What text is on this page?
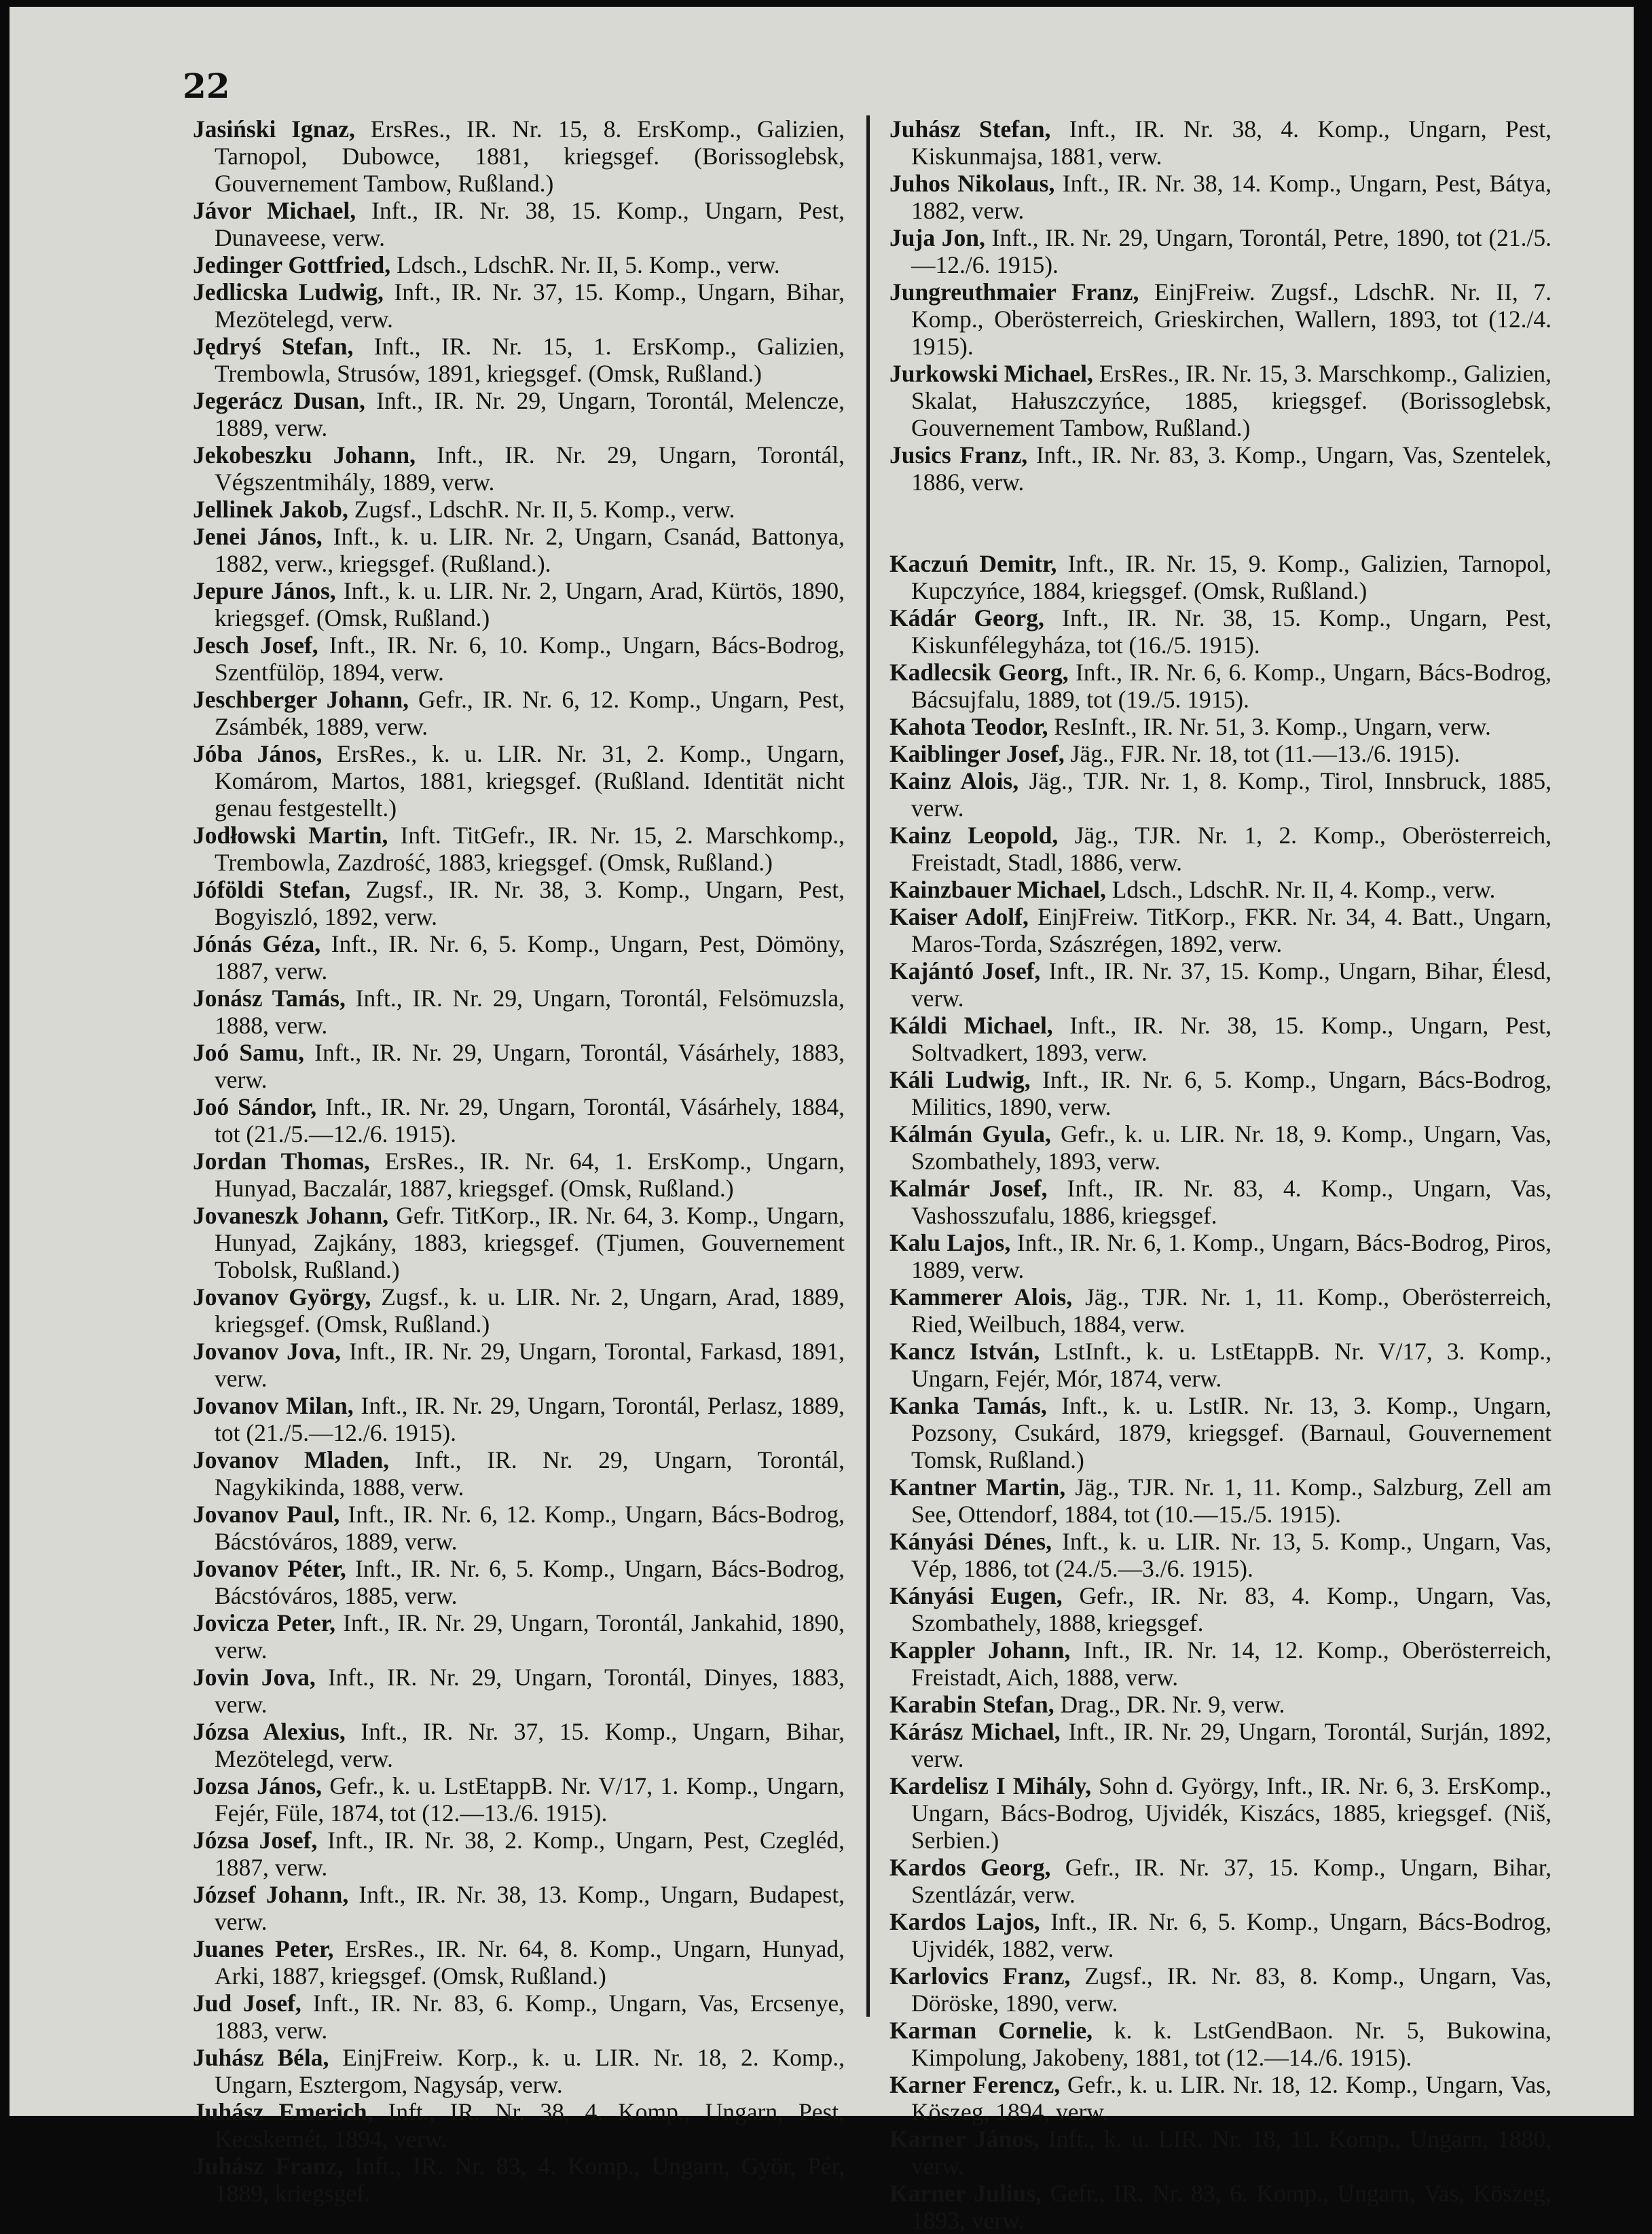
22

Jasiński Ignaz, ErsRes., IR. Nr. 15, 8. ErsKomp., Galizien, Tarnopol, Dubowce, 1881, kriegsgef. (Borissoglebsk, Gouvernement Tambow, Rußland.)

Jávor Michael, Inft., IR. Nr. 38, 15. Komp., Ungarn, Pest, Dunaveese, verw.

Jedinger Gottfried, Ldsch., LdschR. Nr. II, 5. Komp., verw.

Jedlicska Ludwig, Inft., IR. Nr. 37, 15. Komp., Ungarn, Bihar, Mezötelegd, verw.

Jędryś Stefan, Inft., IR. Nr. 15, 1. ErsKomp., Galizien, Trembowla, Strusów, 1891, kriegsgef. (Omsk, Rußland.)

Jegerácz Dusan, Inft., IR. Nr. 29, Ungarn, Torontál, Melencze, 1889, verw.

Jekobeszku Johann, Inft., IR. Nr. 29, Ungarn, Torontál, Végszentmihály, 1889, verw.

Jellinek Jakob, Zugsf., LdschR. Nr. II, 5. Komp., verw.

Jenei János, Inft., k. u. LIR. Nr. 2, Ungarn, Csanád, Battonya, 1882, verw., kriegsgef. (Rußland.).

Jepure János, Inft., k. u. LIR. Nr. 2, Ungarn, Arad, Kürtös, 1890, kriegsgef. (Omsk, Rußland.)

Jesch Josef, Inft., IR. Nr. 6, 10. Komp., Ungarn, Bács-Bodrog, Szentfülöp, 1894, verw.

Jeschberger Johann, Gefr., IR. Nr. 6, 12. Komp., Ungarn, Pest, Zsámbék, 1889, verw.

Jóba János, ErsRes., k. u. LIR. Nr. 31, 2. Komp., Ungarn, Komárom, Martos, 1881, kriegsgef. (Rußland. Identität nicht genau festgestellt.)

Jodłowski Martin, Inft. TitGefr., IR. Nr. 15, 2. Marschkomp., Trembowla, Zazdrość, 1883, kriegsgef. (Omsk, Rußland.)

Jóföldi Stefan, Zugsf., IR. Nr. 38, 3. Komp., Ungarn, Pest, Bogyiszló, 1892, verw.

Jónás Géza, Inft., IR. Nr. 6, 5. Komp., Ungarn, Pest, Dömöny, 1887, verw.

Jonász Tamás, Inft., IR. Nr. 29, Ungarn, Torontál, Felsömuzsla, 1888, verw.

Joó Samu, Inft., IR. Nr. 29, Ungarn, Torontál, Vásárhely, 1883, verw.

Joó Sándor, Inft., IR. Nr. 29, Ungarn, Torontál, Vásárhely, 1884, tot (21./5.—12./6. 1915).

Jordan Thomas, ErsRes., IR. Nr. 64, 1. ErsKomp., Ungarn, Hunyad, Baczalár, 1887, kriegsgef. (Omsk, Rußland.)

Jovaneszk Johann, Gefr. TitKorp., IR. Nr. 64, 3. Komp., Ungarn, Hunyad, Zajkány, 1883, kriegsgef. (Tjumen, Gouvernement Tobolsk, Rußland.)

Jovanov György, Zugsf., k. u. LIR. Nr. 2, Ungarn, Arad, 1889, kriegsgef. (Omsk, Rußland.)

Jovanov Jova, Inft., IR. Nr. 29, Ungarn, Torontal, Farkasd, 1891, verw.

Jovanov Milan, Inft., IR. Nr. 29, Ungarn, Torontál, Perlasz, 1889, tot (21./5.—12./6. 1915).

Jovanov Mladen, Inft., IR. Nr. 29, Ungarn, Torontál, Nagykikinda, 1888, verw.

Jovanov Paul, Inft., IR. Nr. 6, 12. Komp., Ungarn, Bács-Bodrog, Bácstóváros, 1889, verw.

Jovanov Péter, Inft., IR. Nr. 6, 5. Komp., Ungarn, Bács-Bodrog, Bácstóváros, 1885, verw.

Jovicza Peter, Inft., IR. Nr. 29, Ungarn, Torontál, Jankahid, 1890, verw.

Jovin Jova, Inft., IR. Nr. 29, Ungarn, Torontál, Dinyes, 1883, verw.

Józsa Alexius, Inft., IR. Nr. 37, 15. Komp., Ungarn, Bihar, Mezötelegd, verw.

Jozsa János, Gefr., k. u. LstEtappB. Nr. V/17, 1. Komp., Ungarn, Fejér, Füle, 1874, tot (12.—13./6. 1915).

Józsa Josef, Inft., IR. Nr. 38, 2. Komp., Ungarn, Pest, Czegléd, 1887, verw.

József Johann, Inft., IR. Nr. 38, 13. Komp., Ungarn, Budapest, verw.

Juanes Peter, ErsRes., IR. Nr. 64, 8. Komp., Ungarn, Hunyad, Arki, 1887, kriegsgef. (Omsk, Rußland.)

Jud Josef, Inft., IR. Nr. 83, 6. Komp., Ungarn, Vas, Ercsenye, 1883, verw.

Juhász Béla, EinjFreiw. Korp., k. u. LIR. Nr. 18, 2. Komp., Ungarn, Esztergom, Nagysáp, verw.

Juhász Emerich, Inft., IR. Nr. 38, 4. Komp., Ungarn, Pest, Kecskemét, 1894, verw.

Juhász Franz, Inft., IR. Nr. 83, 4. Komp., Ungarn, Györ, Pér, 1889, kriegsgef.

Juhász Stefan, Inft., IR. Nr. 38, 4. Komp., Ungarn, Pest, Kiskunmajsa, 1881, verw.

Juhos Nikolaus, Inft., IR. Nr. 38, 14. Komp., Ungarn, Pest, Bátya, 1882, verw.

Juja Jon, Inft., IR. Nr. 29, Ungarn, Torontál, Petre, 1890, tot (21./5.—12./6. 1915).

Jungreuthmaier Franz, EinjFreiw. Zugsf., LdschR. Nr. II, 7. Komp., Oberösterreich, Grieskirchen, Wallern, 1893, tot (12./4. 1915).

Jurkowski Michael, ErsRes., IR. Nr. 15, 3. Marschkomp., Galizien, Skalat, Hałuszczyńce, 1885, kriegsgef. (Borissoglebsk, Gouvernement Tambow, Rußland.)

Jusics Franz, Inft., IR. Nr. 83, 3. Komp., Ungarn, Vas, Szentelek, 1886, verw.

Kaczuń Demitr, Inft., IR. Nr. 15, 9. Komp., Galizien, Tarnopol, Kupczyńce, 1884, kriegsgef. (Omsk, Rußland.)

Kádár Georg, Inft., IR. Nr. 38, 15. Komp., Ungarn, Pest, Kiskunfélegyháza, tot (16./5. 1915).

Kadlecsik Georg, Inft., IR. Nr. 6, 6. Komp., Ungarn, Bács-Bodrog, Bácsujfalu, 1889, tot (19./5. 1915).

Kahota Teodor, ResInft., IR. Nr. 51, 3. Komp., Ungarn, verw.

Kaiblinger Josef, Jäg., FJR. Nr. 18, tot (11.—13./6. 1915).

Kainz Alois, Jäg., TJR. Nr. 1, 8. Komp., Tirol, Innsbruck, 1885, verw.

Kainz Leopold, Jäg., TJR. Nr. 1, 2. Komp., Oberösterreich, Freistadt, Stadl, 1886, verw.

Kainzbauer Michael, Ldsch., LdschR. Nr. II, 4. Komp., verw.

Kaiser Adolf, EinjFreiw. TitKorp., FKR. Nr. 34, 4. Batt., Ungarn, Maros-Torda, Szászrégen, 1892, verw.

Kajántó Josef, Inft., IR. Nr. 37, 15. Komp., Ungarn, Bihar, Élesd, verw.

Káldi Michael, Inft., IR. Nr. 38, 15. Komp., Ungarn, Pest, Soltvadkert, 1893, verw.

Káli Ludwig, Inft., IR. Nr. 6, 5. Komp., Ungarn, Bács-Bodrog, Militics, 1890, verw.

Kálmán Gyula, Gefr., k. u. LIR. Nr. 18, 9. Komp., Ungarn, Vas, Szombathely, 1893, verw.

Kalmár Josef, Inft., IR. Nr. 83, 4. Komp., Ungarn, Vas, Vashosszufalu, 1886, kriegsgef.

Kalu Lajos, Inft., IR. Nr. 6, 1. Komp., Ungarn, Bács-Bodrog, Piros, 1889, verw.

Kammerer Alois, Jäg., TJR. Nr. 1, 11. Komp., Oberösterreich, Ried, Weilbuch, 1884, verw.

Kancz István, LstInft., k. u. LstEtappB. Nr. V/17, 3. Komp., Ungarn, Fejér, Mór, 1874, verw.

Kanka Tamás, Inft., k. u. LstIR. Nr. 13, 3. Komp., Ungarn, Pozsony, Csukárd, 1879, kriegsgef. (Barnaul, Gouvernement Tomsk, Rußland.)

Kantner Martin, Jäg., TJR. Nr. 1, 11. Komp., Salzburg, Zell am See, Ottendorf, 1884, tot (10.—15./5. 1915).

Kányási Dénes, Inft., k. u. LIR. Nr. 13, 5. Komp., Ungarn, Vas, Vép, 1886, tot (24./5.—3./6. 1915).

Kányási Eugen, Gefr., IR. Nr. 83, 4. Komp., Ungarn, Vas, Szombathely, 1888, kriegsgef.

Kappler Johann, Inft., IR. Nr. 14, 12. Komp., Oberösterreich, Freistadt, Aich, 1888, verw.

Karabin Stefan, Drag., DR. Nr. 9, verw.

Kárász Michael, Inft., IR. Nr. 29, Ungarn, Torontál, Surján, 1892, verw.

Kardelisz I Mihály, Sohn d. György, Inft., IR. Nr. 6, 3. ErsKomp., Ungarn, Bács-Bodrog, Ujvidék, Kiszács, 1885, kriegsgef. (Niš, Serbien.)

Kardos Georg, Gefr., IR. Nr. 37, 15. Komp., Ungarn, Bihar, Szentlázár, verw.

Kardos Lajos, Inft., IR. Nr. 6, 5. Komp., Ungarn, Bács-Bodrog, Ujvidék, 1882, verw.

Karlovics Franz, Zugsf., IR. Nr. 83, 8. Komp., Ungarn, Vas, Döröske, 1890, verw.

Karman Cornelie, k. k. LstGendBaon. Nr. 5, Bukowina, Kimpolung, Jakobeny, 1881, tot (12.—14./6. 1915).

Karner Ferencz, Gefr., k. u. LIR. Nr. 18, 12. Komp., Ungarn, Vas, Köszeg, 1894, verw.

Karner János, Inft., k. u. LIR. Nr. 18, 11. Komp., Ungarn, 1880, verw.

Karner Julius, Gefr., IR. Nr. 83, 6. Komp., Ungarn, Vas, Köszeg, 1893, verw.
